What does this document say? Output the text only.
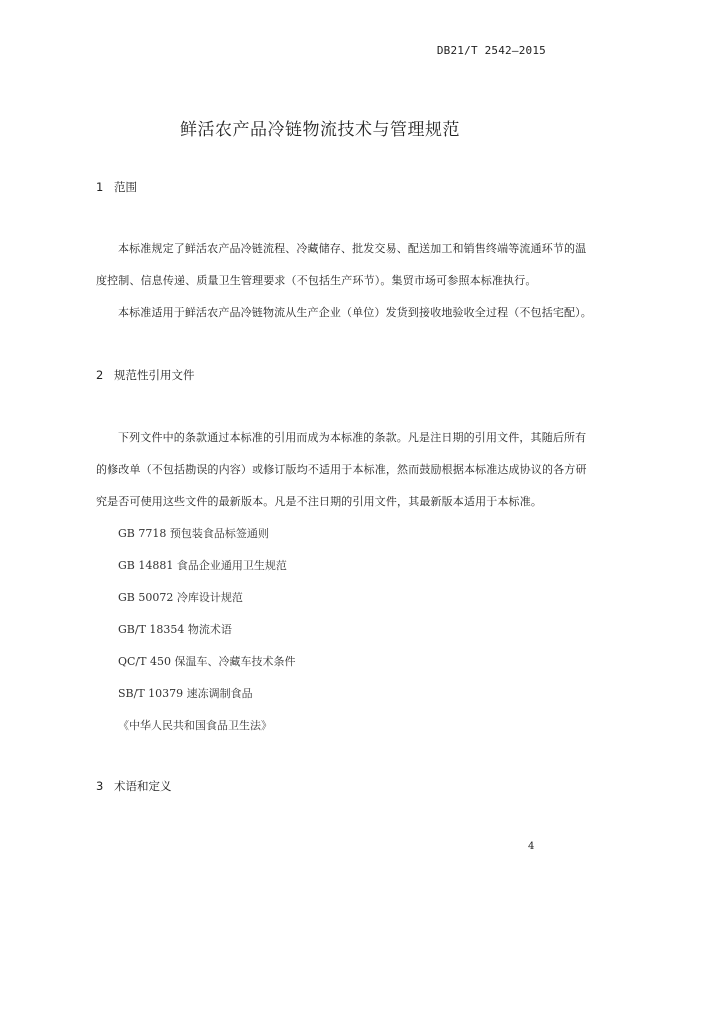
DB21/T 2542—2015
鲜活农产品冷链物流技术与管理规范
1 范围
本标准规定了鲜活农产品冷链流程、冷藏储存、批发交易、配送加工和销售终端等流通环节的温
度控制、信息传递、质量卫生管理要求（不包括生产环节）。集贸市场可参照本标准执行。
本标准适用于鲜活农产品冷链物流从生产企业（单位）发货到接收地验收全过程（不包括宅配）。
2 规范性引用文件
下列文件中的条款通过本标准的引用而成为本标准的条款。凡是注日期的引用文件，其随后所有
的修改单（不包括勘误的内容）或修订版均不适用于本标准，然而鼓励根据本标准达成协议的各方研
究是否可使用这些文件的最新版本。凡是不注日期的引用文件，其最新版本适用于本标准。
GB 7718 预包装食品标签通则
GB 14881 食品企业通用卫生规范
GB 50072 冷库设计规范
GB/T 18354 物流术语
QC/T 450 保温车、冷藏车技术条件
SB/T 10379 速冻调制食品
《中华人民共和国食品卫生法》
3 术语和定义
4
